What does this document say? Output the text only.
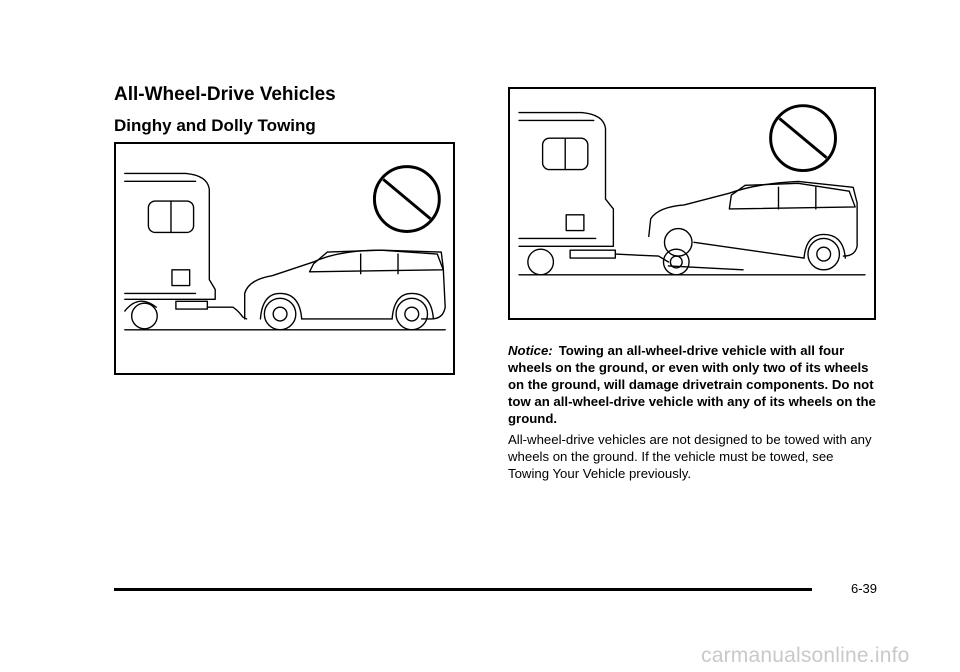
All-Wheel-Drive Vehicles
Dinghy and Dolly Towing
Notice: Towing an all-wheel-drive vehicle with all four wheels on the ground, or even with only two of its wheels on the ground, will damage drivetrain components. Do not tow an all-wheel-drive vehicle with any of its wheels on the ground.
All-wheel-drive vehicles are not designed to be towed with any wheels on the ground. If the vehicle must be towed, see Towing Your Vehicle previously.
6-39
carmanualsonline.info
